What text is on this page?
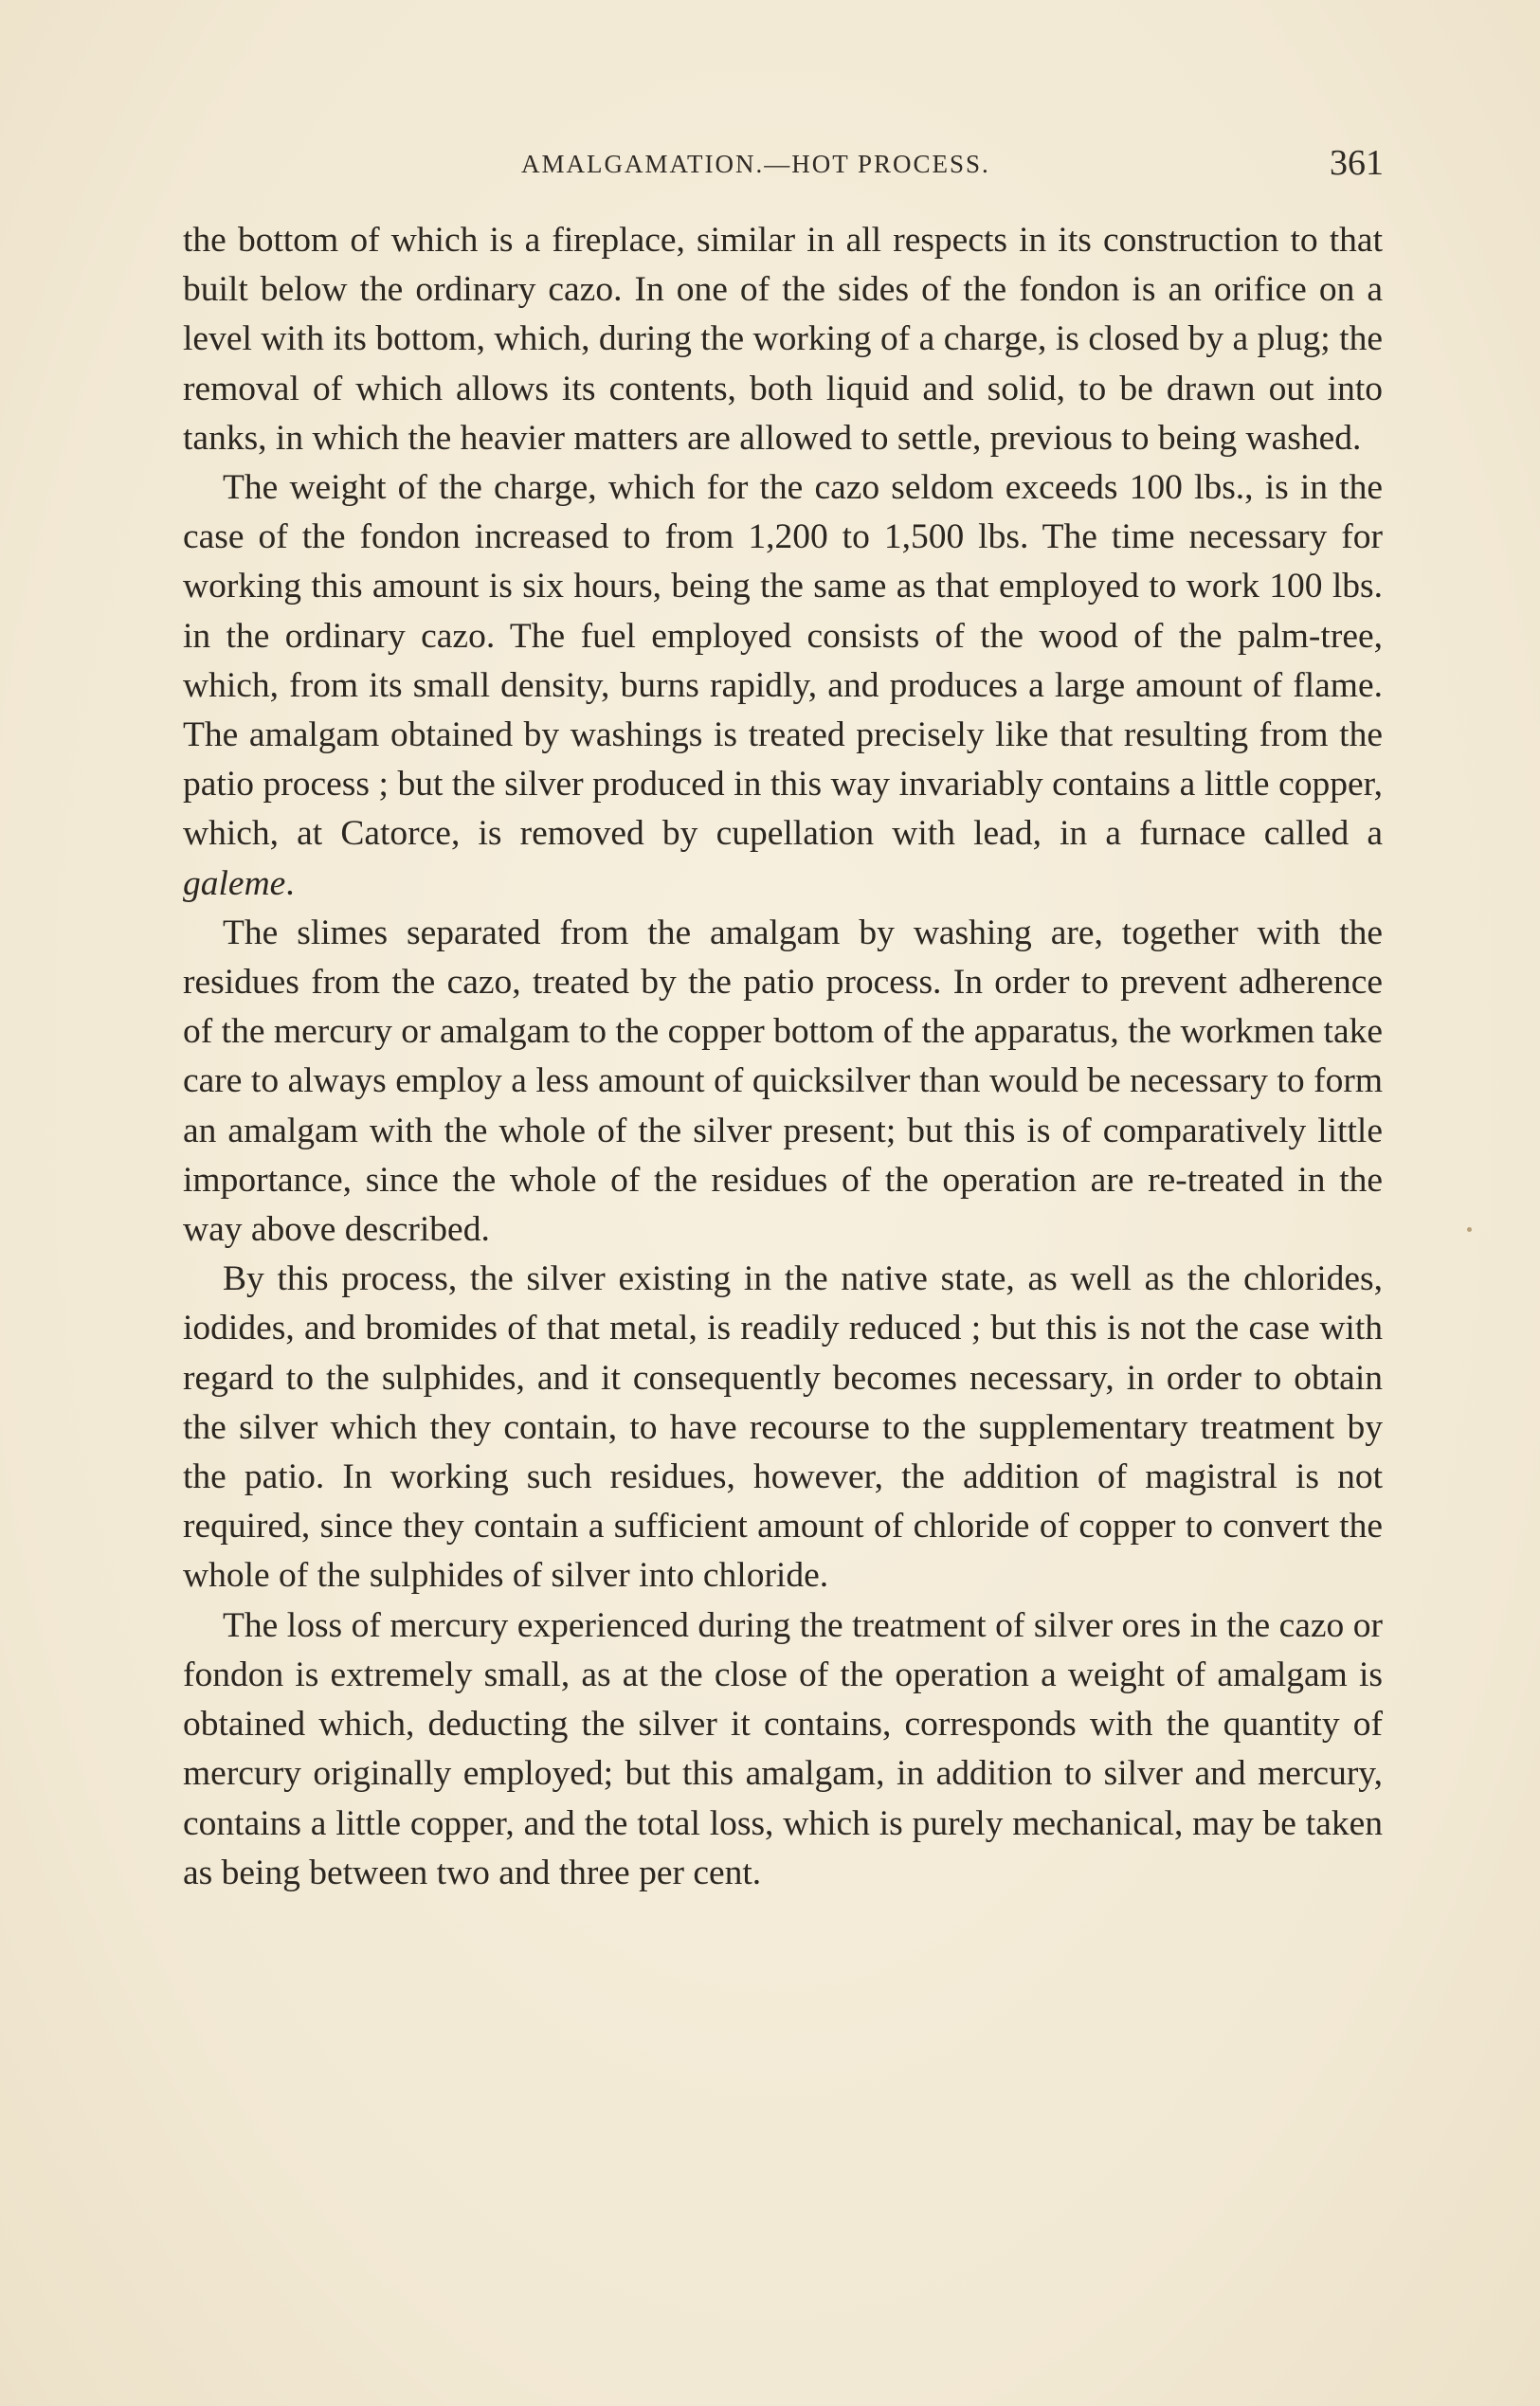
AMALGAMATION.—HOT PROCESS.	361

the bottom of which is a fireplace, similar in all respects in its construction to that built below the ordinary cazo. In one of the sides of the fondon is an orifice on a level with its bottom, which, during the working of a charge, is closed by a plug; the removal of which allows its contents, both liquid and solid, to be drawn out into tanks, in which the heavier matters are allowed to settle, previous to being washed.

The weight of the charge, which for the cazo seldom exceeds 100 lbs., is in the case of the fondon increased to from 1,200 to 1,500 lbs. The time necessary for working this amount is six hours, being the same as that employed to work 100 lbs. in the ordinary cazo. The fuel employed consists of the wood of the palm-tree, which, from its small density, burns rapidly, and produces a large amount of flame. The amalgam obtained by washings is treated precisely like that resulting from the patio process ; but the silver produced in this way invariably contains a little copper, which, at Catorce, is removed by cupellation with lead, in a furnace called a galeme.

The slimes separated from the amalgam by washing are, together with the residues from the cazo, treated by the patio process. In order to prevent adherence of the mercury or amalgam to the copper bottom of the apparatus, the workmen take care to always employ a less amount of quicksilver than would be necessary to form an amalgam with the whole of the silver present; but this is of comparatively little importance, since the whole of the residues of the operation are re-treated in the way above described.

By this process, the silver existing in the native state, as well as the chlorides, iodides, and bromides of that metal, is readily reduced ; but this is not the case with regard to the sulphides, and it consequently becomes necessary, in order to obtain the silver which they contain, to have recourse to the supplementary treatment by the patio. In working such residues, however, the addition of magistral is not required, since they contain a sufficient amount of chloride of copper to convert the whole of the sulphides of silver into chloride.

The loss of mercury experienced during the treatment of silver ores in the cazo or fondon is extremely small, as at the close of the operation a weight of amalgam is obtained which, deducting the silver it contains, corresponds with the quantity of mercury originally employed; but this amalgam, in addition to silver and mercury, contains a little copper, and the total loss, which is purely mechanical, may be taken as being between two and three per cent.
